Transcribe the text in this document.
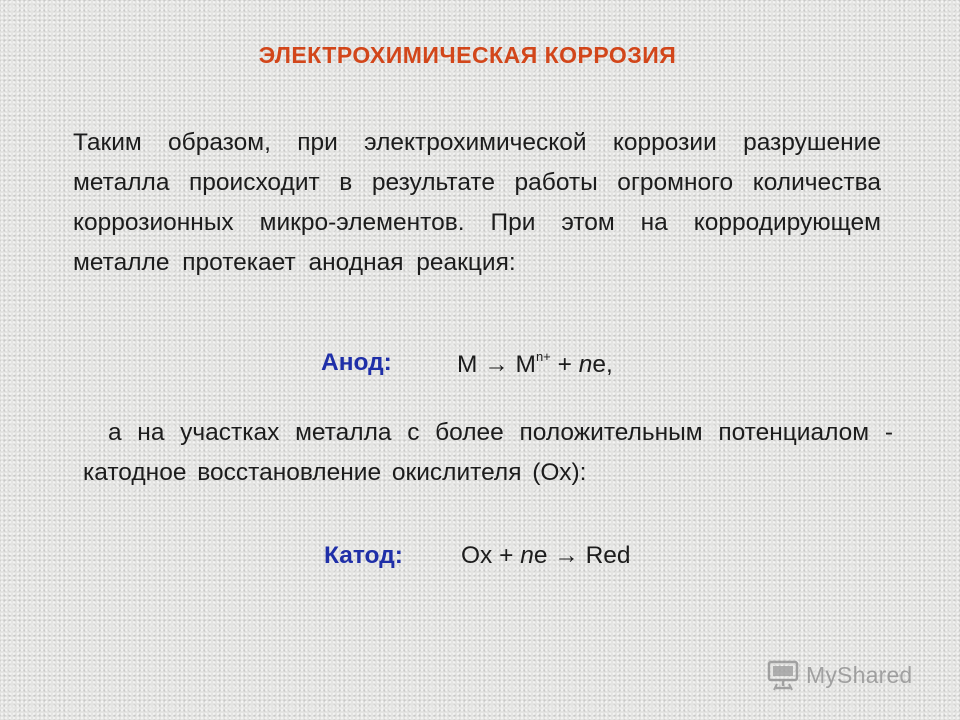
ЭЛЕКТРОХИМИЧЕСКАЯ КОРРОЗИЯ
Таким образом, при электрохимической коррозии разрушение металла происходит в результате работы огромного количества коррозионных микро-элементов. При этом на корродирующем металле протекает анодная реакция:
Анод:	$M \to M^{n+}$ + ne,
а на участках металла с более положительным потенциалом - катодное восстановление окислителя (Ох):
Катод: Ox + ne → Red
MyShared
